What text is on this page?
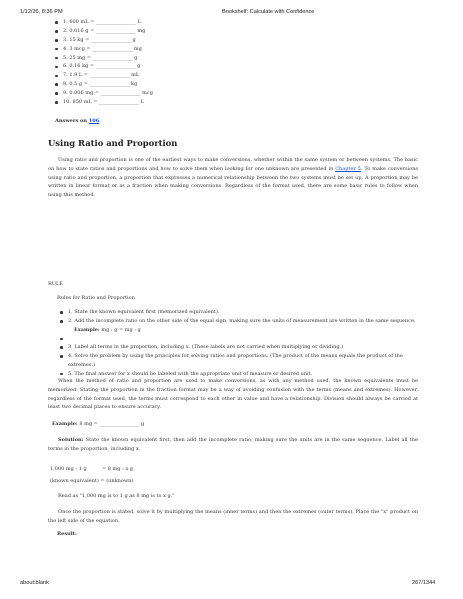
1/12/26, 8:36 PM	Bookshelf: Calculate with Confidence
1. 600 mL = ________________ L
2. 0.016 g = ________________ mg
3. 15 kg = ________________ g
4. 3 mcg = ________________ mg
5. 25 mg = ________________ g
6. 0.16 kg = ________________ g
7. 1.9 L = ________________ mL
8. 0.5 g = ________________ kg
9. 0.006 mg = ________________ mcg
10. 850 mL = ________________ L
Answers on 106
Using Ratio and Proportion
Using ratio and proportion is one of the earliest ways to make conversions, whether within the same system or between systems. The basic on how to state ratios and proportions and how to solve them when looking for one unknown are presented in Chapter 5. To make conversions using ratio and proportion, a proportion that expresses a numerical relationship between the two systems must be set up. A proportion may be written in linear format or as a fraction when making conversions. Regardless of the format used, there are some basic rules to follow when using this method.
RULE
Rules for Ratio and Proportion
1. State the known equivalent first (memorized equivalent).
2. Add the incomplete ratio on the other side of the equal sign, making sure the units of measurement are written in the same sequence.
Example: mg : g = mg : g
3. Label all terms in the proportion, including x. (These labels are not carried when multiplying or dividing.)
4. Solve the problem by using the principles for solving ratios and proportions. (The product of the means equals the product of the extremes.)
5. The final answer for x should be labeled with the appropriate unit of measure or desired unit.
When the method of ratio and proportion are used to make conversions, as with any method used, the known equivalents must be memorized. Stating the proportion in the fraction format may be a way of avoiding confusion with the terms (means and extremes). However, regardless of the format used, the terms must correspond to each other in value and have a relationship. Division should always be carried at least two decimal places to ensure accuracy.
Example: 8 mg = ________________ g
Solution: State the known equivalent first, then add the incomplete ratio, making sure the units are in the same sequence. Label all the terms in the proportion, including x.
1,000 mg : 1 g	= 8 mg : x g
(known equivalent) = (unknown)
Read as "1,000 mg is to 1 g as 8 mg is to x g."
Once the proportion is stated, solve it by multiplying the means (inner terms) and then the extremes (outer terms). Place the "x" product on the left side of the equation.
Result:
about:blank	267/1344
